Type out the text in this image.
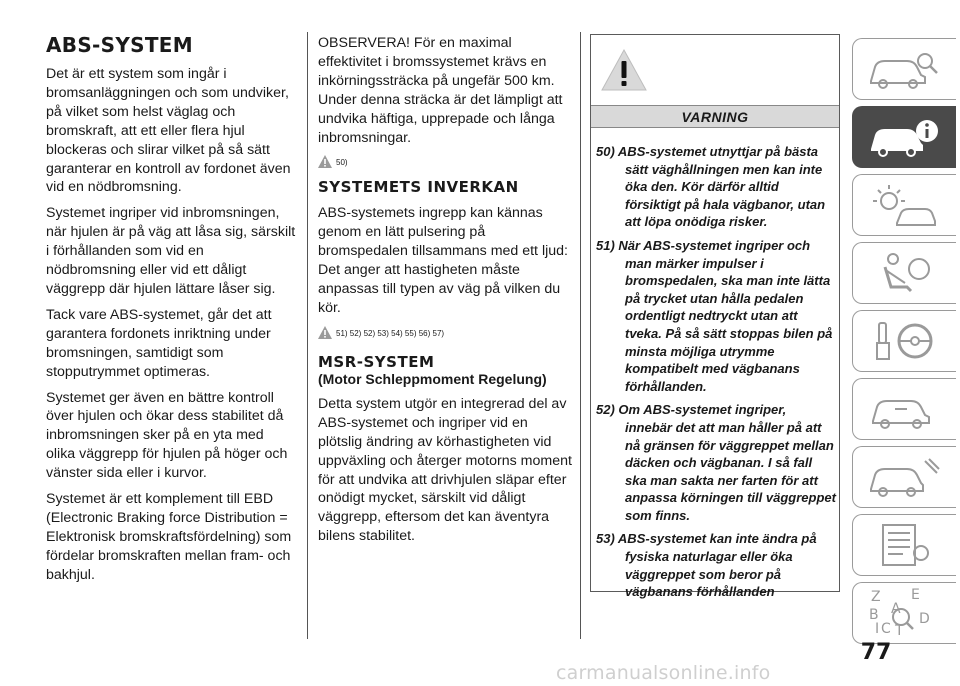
ABS-SYSTEM

Det är ett system som ingår i bromsanläggningen och som undviker, på vilket som helst väglag och bromskraft, att ett eller flera hjul blockeras och slirar vilket på så sätt garanterar en kontroll av fordonet även vid en nödbromsning.

Systemet ingriper vid inbromsningen, när hjulen är på väg att låsa sig, särskilt i förhållanden som vid en nödbromsning eller vid ett dåligt väggrepp där hjulen lättare låser sig.

Tack vare ABS-systemet, går det att garantera fordonets inriktning under bromsningen, samtidigt som stopputrymmet optimeras.

Systemet ger även en bättre kontroll över hjulen och ökar dess stabilitet då inbromsningen sker på en yta med olika väggrepp för hjulen på höger och vänster sida eller i kurvor.

Systemet är ett komplement till EBD (Electronic Braking force Distribution = Elektronisk bromskraftsfördelning) som fördelar bromskraften mellan fram- och bakhjul.

OBSERVERA! För en maximal effektivitet i bromssystemet krävs en inkörningssträcka på ungefär 500 km. Under denna sträcka är det lämpligt att undvika häftiga, upprepade och långa inbromsningar.

50)
SYSTEMETS INVERKAN

ABS-systemets ingrepp kan kännas genom en lätt pulsering på bromspedalen tillsammans med ett ljud: Det anger att hastigheten måste anpassas till typen av väg på vilken du kör.

51) 52) 52) 53) 54) 55) 56) 57)
MSR-SYSTEM
(Motor Schleppmoment Regelung)

Detta system utgör en integrerad del av ABS-systemet och ingriper vid en plötslig ändring av körhastigheten vid uppväxling och återger motorns moment för att undvika att drivhjulen släpar efter onödigt mycket, särskilt vid dåligt väggrepp, eftersom det kan äventyra bilens stabilitet.

VARNING

50) ABS-systemet utnyttjar på bästa sätt väghållningen men kan inte öka den. Kör därför alltid försiktigt på hala vägbanor, utan att löpa onödiga risker.

51) När ABS-systemet ingriper och man märker impulser i bromspedalen, ska man inte lätta på trycket utan hålla pedalen ordentligt nedtryckt utan att tveka. På så sätt stoppas bilen på minsta möjliga utrymme kompatibelt med vägbanans förhållanden.

52) Om ABS-systemet ingriper, innebär det att man håller på att nå gränsen för väggreppet mellan däcken och vägbanan. I så fall ska man sakta ner farten för att anpassa körningen till väggreppet som finns.

53) ABS-systemet kan inte ändra på fysiska naturlagar eller öka väggreppet som beror på vägbanans förhållanden	Z E
B A
I C T
D
77
carmanualsonline.info
